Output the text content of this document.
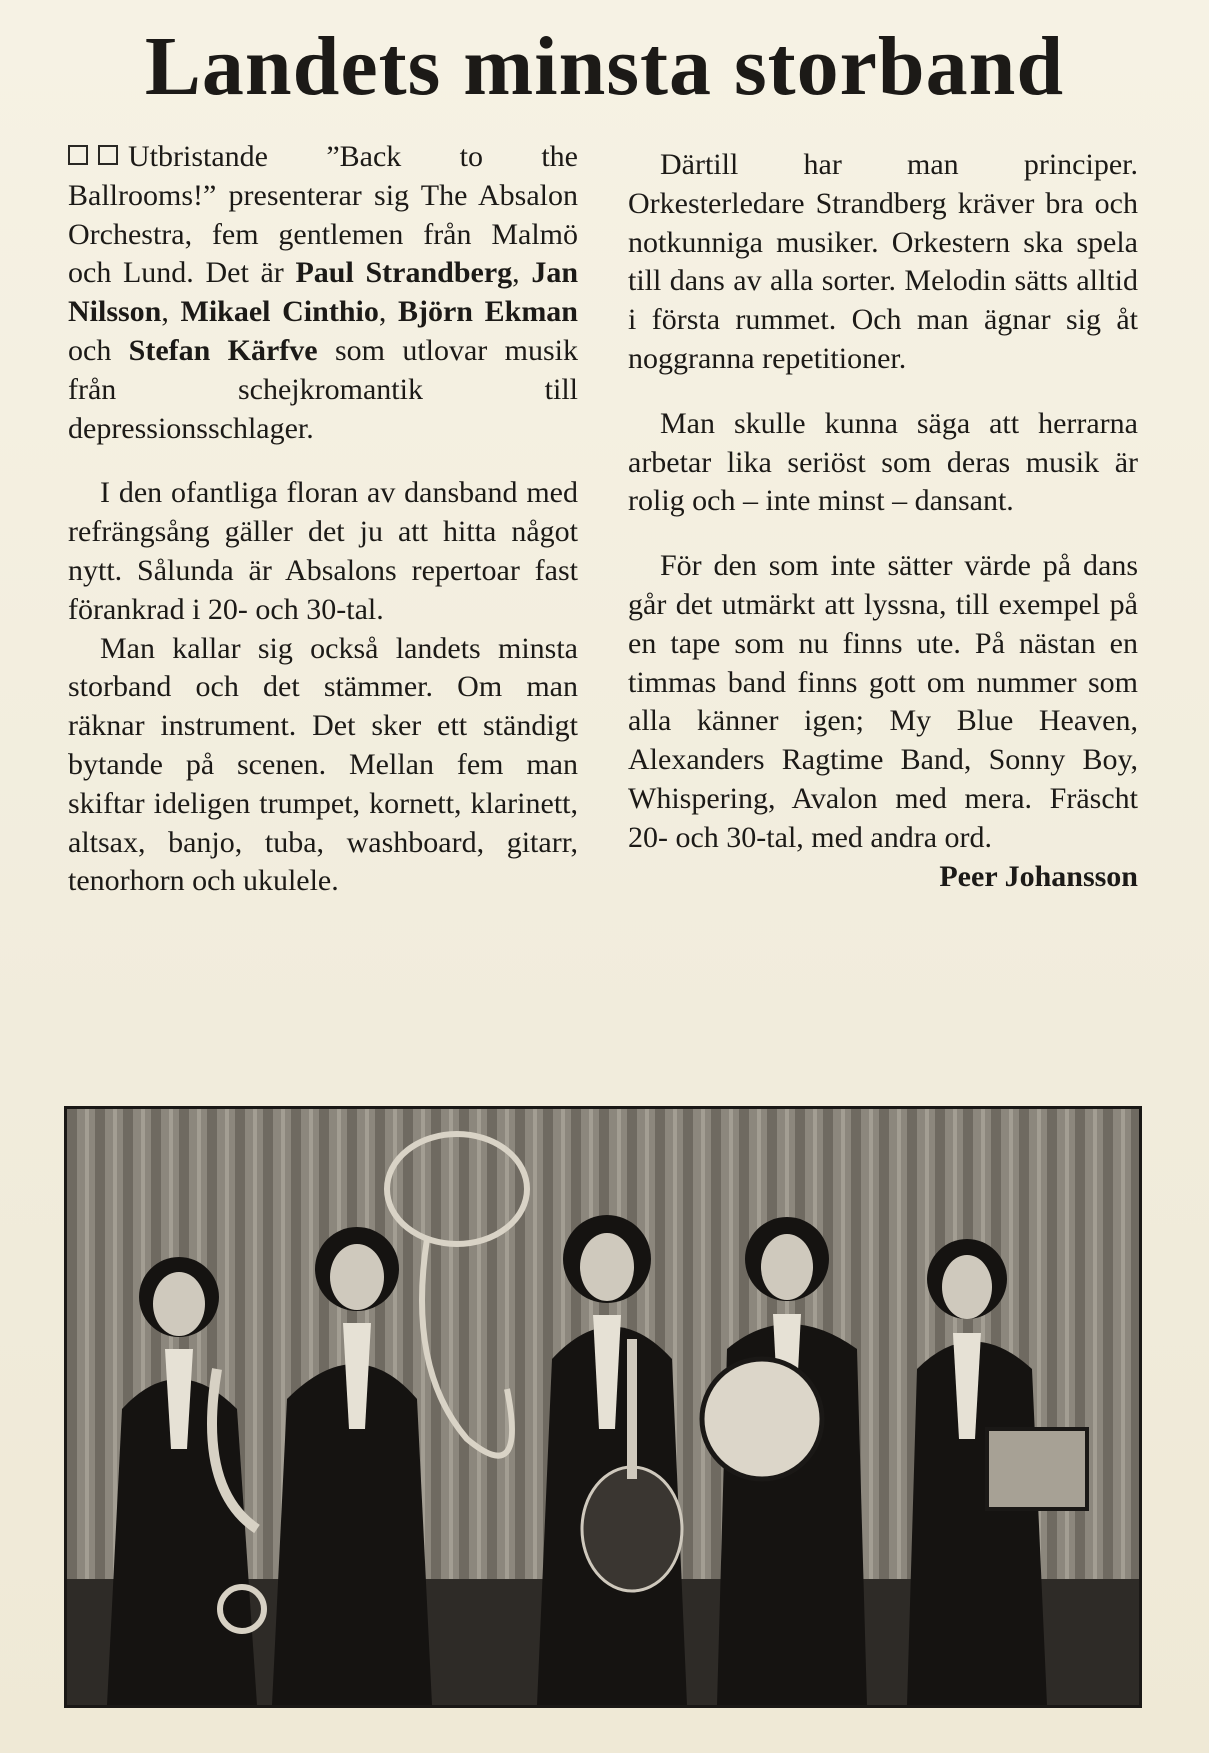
Landets minsta storband

Utbristande ”Back to the Ballrooms!” presenterar sig The Absalon Orchestra, fem gentlemen från Malmö och Lund. Det är Paul Strandberg, Jan Nilsson, Mikael Cinthio, Björn Ekman och Stefan Kärfve som utlovar musik från schejkromantik till depressionsschlager.

I den ofantliga floran av dansband med refrängsång gäller det ju att hitta något nytt. Sålunda är Absalons repertoar fast förankrad i 20- och 30-tal.

Man kallar sig också landets minsta storband och det stämmer. Om man räknar instrument. Det sker ett ständigt bytande på scenen. Mellan fem man skiftar ideligen trumpet, kornett, klarinett, altsax, banjo, tuba, washboard, gitarr, tenorhorn och ukulele.

Därtill har man principer. Orkesterledare Strandberg kräver bra och notkunniga musiker. Orkestern ska spela till dans av alla sorter. Melodin sätts alltid i första rummet. Och man ägnar sig åt noggranna repetitioner.

Man skulle kunna säga att herrarna arbetar lika seriöst som deras musik är rolig och – inte minst – dansant.

För den som inte sätter värde på dans går det utmärkt att lyssna, till exempel på en tape som nu finns ute. På nästan en timmas band finns gott om nummer som alla känner igen; My Blue Heaven, Alexanders Ragtime Band, Sonny Boy, Whispering, Avalon med mera. Fräscht 20- och 30-tal, med andra ord.

Peer Johansson
